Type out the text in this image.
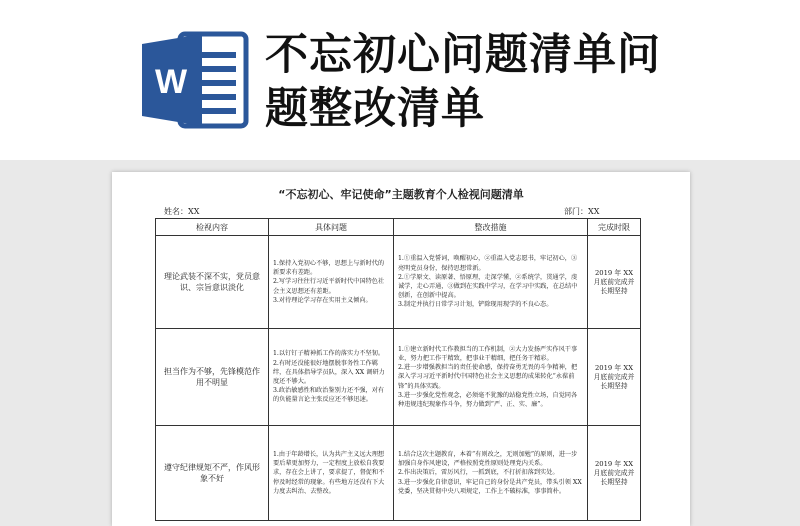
W
不忘初心问题清单问
题整改清单
“不忘初心、牢记使命”主题教育个人检视问题清单
姓名：XX	部门：XX
检视内容	具体问题	整改措施	完成时限
理论武装不深不实，党员意识、宗旨意识淡化	1.保持入党初心不够，思想上与新时代的新要求有差距。
2.写学习往往行习近平新时代中国特色社会主义思想还有差距。
3.对待理论学习存在实用主义倾向。	1.①重温入党誓词，唤醒初心，②重温入党志愿书，牢记初心，③亮明党员身份，保持思想常新。
2.①学原文、读原著、悟原理，走深学懂，②系统学，贯通学，虔诚学，走心弄通，③做到在实践中学习，在学习中实践，在总结中创新，在创新中提高。
3.制定并执行日常学习计划，铲除现用现学的不良心态。	2019 年 XX 月底前完成并长期坚持
担当作为不够，先锋模范作用不明显	1.以钉钉子精神抓工作的落实力不坚韧。
2.有时还没能很好地摆脱事务性工作羁绊，在具体指导学员队，深入 XX 调研力度还不够大。
3.政治敏感性和政治鉴别力还不强，对有的负能量言论主张反应还不够迅速。	1.①建立新时代工作教担当的工作机制，②大力发扬严实作风干事业，努力把工作干精致，把事业干精细，把任务干精彩。
2.进一步增强教担当的责任使命感，保持奋勇无畏的斗争精神，把深入学习习近平新时代中国特色社会主义思想的成果转化“永葆前锋”的具体实践。
3.进一步强化党性观念，必须毫不犹豫的站稳党性立场，自觉同各种违规违纪现象作斗争，努力做到“严、正、实、廉”。	2019 年 XX 月底前完成并长期坚持
遵守纪律规矩不严，作风形象不好	1.由于年龄增长，认为共产主义远大理想要后辈更加努力，一定程度上放松自我要求，存在会上讲了，要求提了，督促和不停及时经常的现象。有些地方还没有下大力度去纠治、去整改。	1.结合这次主题教育，本着“有则改之，无则加勉”的原则，进一步加强自身作风建设，严格按照党性原则处理党内关系。
2.作出决策后，雷厉风行，一抓到底，不打折扣落到实处。
3.进一步强化自律意识，牢记自己的身份是共产党员，带头引领 XX 党委，坚决贯彻中央八项规定，工作上不破标准，事事简朴。	2019 年 XX 月底前完成并长期坚持
